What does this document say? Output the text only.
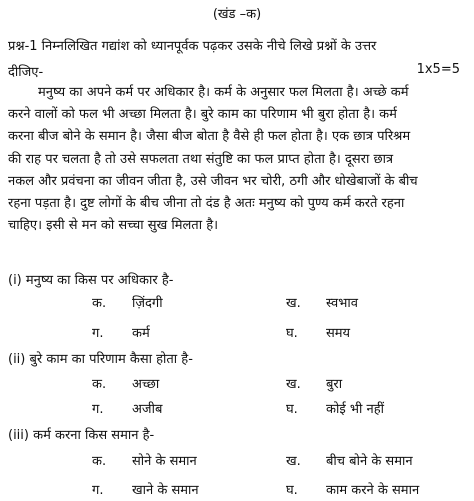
(खंड –क)
प्रश्न-1 निम्नलिखित गद्यांश को ध्यानपूर्वक पढ़कर उसके नीचे लिखे प्रश्नों के उत्तर
दीजिए-	1x5=5
मनुष्य का अपने कर्म पर अधिकार है। कर्म के अनुसार फल मिलता है। अच्छे कर्म
करने वालों को फल भी अच्छा मिलता है। बुरे काम का परिणाम भी बुरा होता है। कर्म
करना बीज बोने के समान है। जैसा बीज बोता है वैसे ही फल होता है। एक छात्र परिश्रम
की राह पर चलता है तो उसे सफलता तथा संतुष्टि का फल प्राप्त होता है। दूसरा छात्र
नकल और प्रवंचना का जीवन जीता है, उसे जीवन भर चोरी, ठगी और धोखेबाजों के बीच
रहना पड़ता है। दुष्ट लोगों के बीच जीना तो दंड है अतः मनुष्य को पुण्य कर्म करते रहना
चाहिए। इसी से मन को सच्चा सुख मिलता है।
(i) मनुष्य का किस पर अधिकार है-
क. ज़िंदगी	ख. स्वभाव
ग. कर्म	घ. समय
(ii) बुरे काम का परिणाम कैसा होता है-
क. अच्छा	ख. बुरा
ग. अजीब	घ. कोई भी नहीं
(iii) कर्म करना किस समान है-
क. सोने के समान	ख. बीच बोने के समान
ग. खाने के समान	घ. काम करने के समान
